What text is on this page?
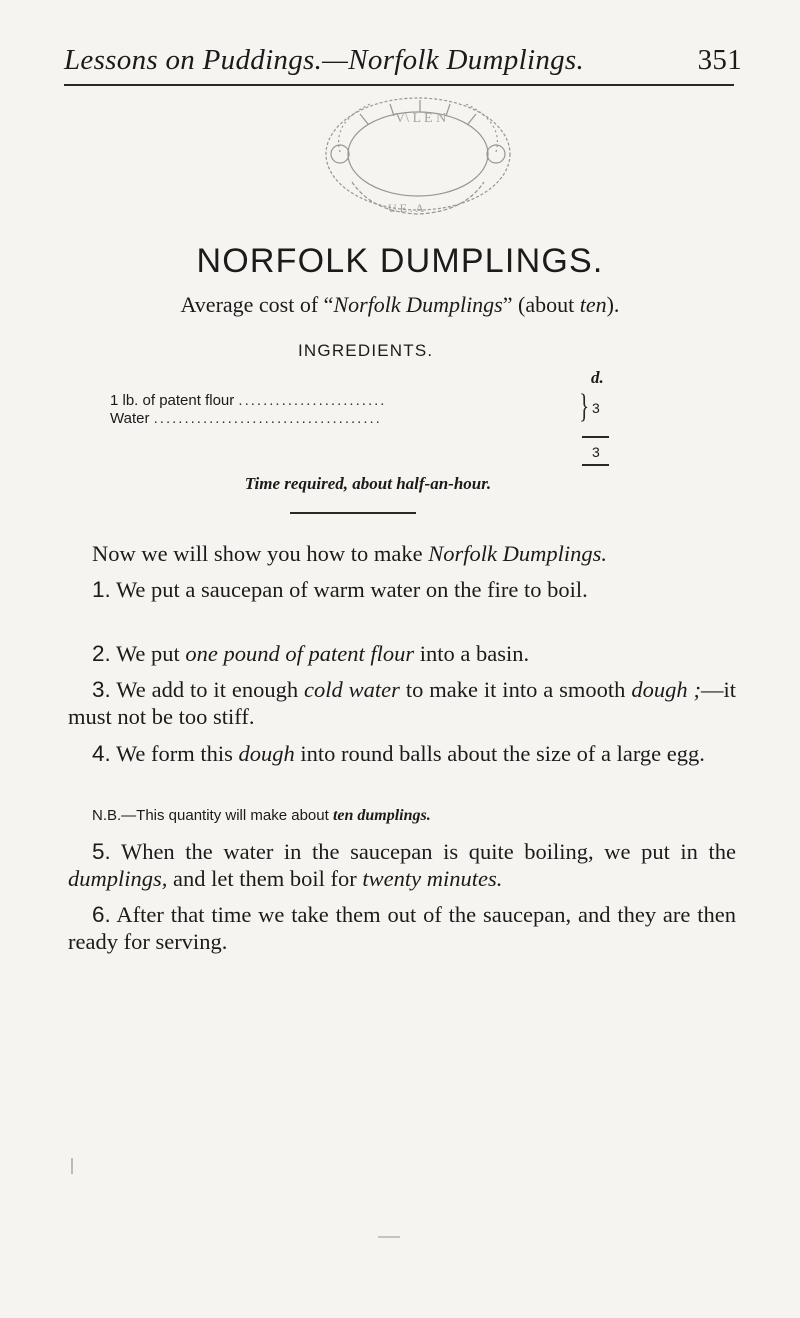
Lessons on Puddings.—Norfolk Dumplings.	351
V\ L E N
U E . A
NORFOLK DUMPLINGS.
Average cost of “Norfolk Dumplings” (about ten).
INGREDIENTS.
d.
1 lb. of patent flour ........................
Water .....................................	} 3
3
Time required, about half-an-hour.
Now we will show you how to make Norfolk Dumplings.
1. We put a saucepan of warm water on the fire to boil.
2. We put one pound of patent flour into a basin.
3. We add to it enough cold water to make it into a smooth dough ;—it must not be too stiff.
4. We form this dough into round balls about the size of a large egg.
N.B.—This quantity will make about ten dumplings.
5. When the water in the saucepan is quite boiling, we put in the dumplings, and let them boil for twenty minutes.
6. After that time we take them out of the saucepan, and they are then ready for serving.
